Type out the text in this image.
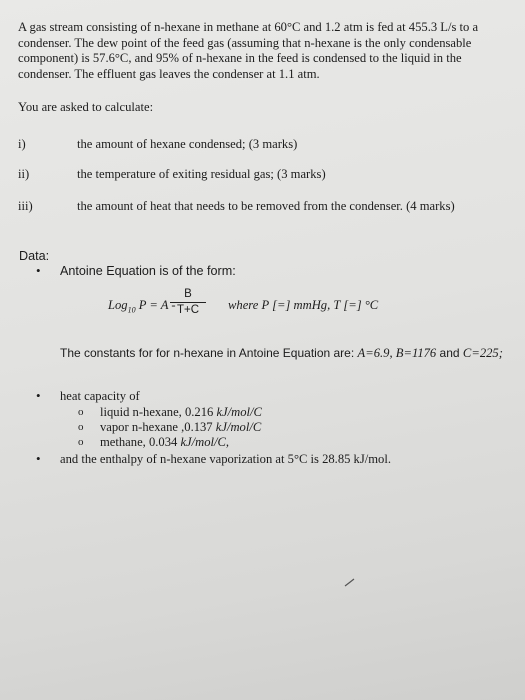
A gas stream consisting of n-hexane in methane at 60°C and 1.2 atm is fed at 455.3 L/s to a condenser. The dew point of the feed gas (assuming that n-hexane is the only condensable component) is 57.6°C, and 95% of n-hexane in the feed is condensed to the liquid in the condenser. The effluent gas leaves the condenser at 1.1 atm.
You are asked to calculate:
i)	the amount of hexane condensed; (3 marks)
ii)	the temperature of exiting residual gas; (3 marks)
iii)	the amount of heat that needs to be removed from the condenser. (4 marks)
Data:
• Antoine Equation is of the form:
Log$_{10}$ P = A -
B
T+C	where P [=] mmHg, T [=] °C
The constants for for n-hexane in Antoine Equation are: A=6.9, B=1176 and C=225;
• heat capacity of
o liquid n-hexane, 0.216 kJ/mol/C
o vapor n-hexane ,0.137 kJ/mol/C
o methane, 0.034 kJ/mol/C,
• and the enthalpy of n-hexane vaporization at 5°C is 28.85 kJ/mol.
